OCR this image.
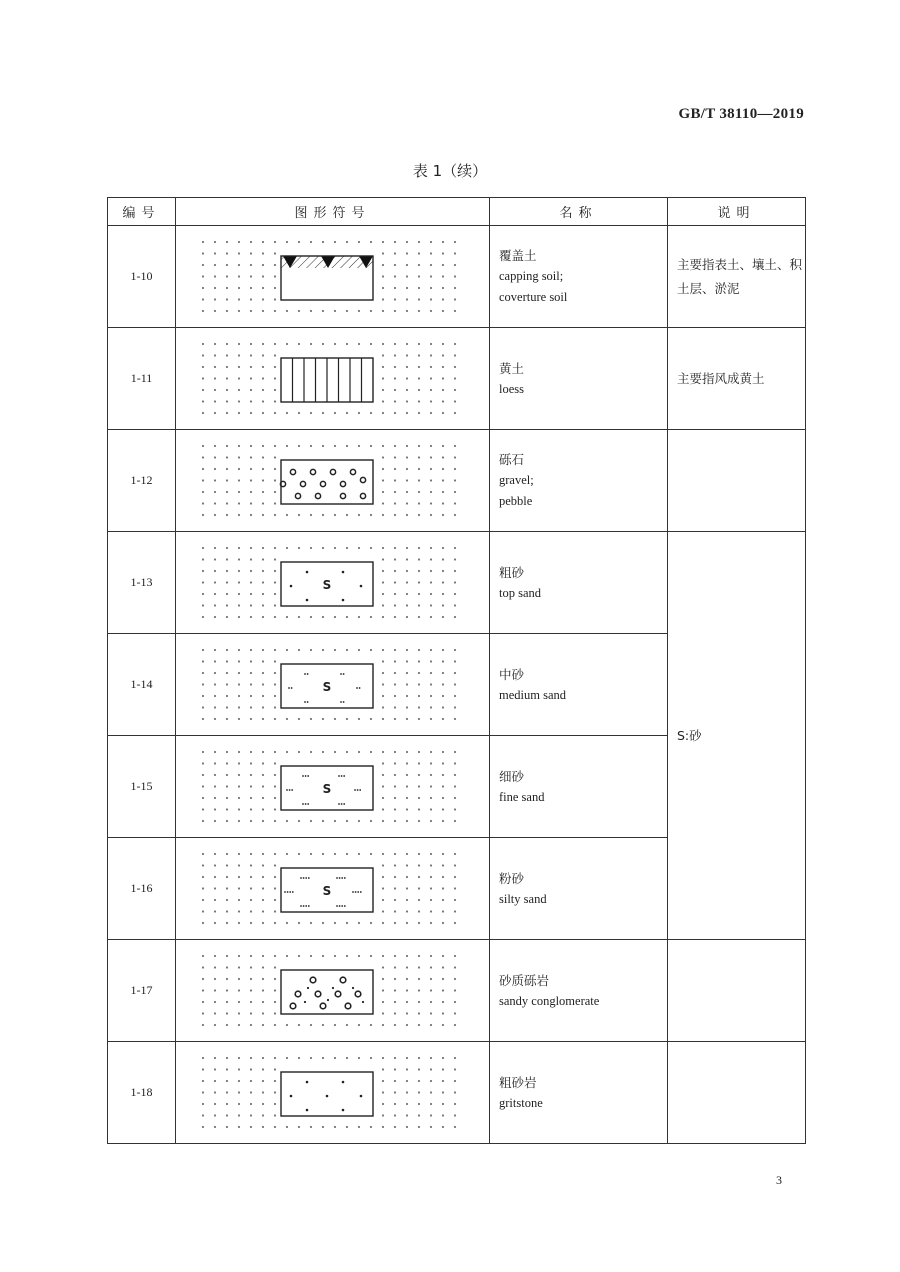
GB/T 38110—2019
表 1（续）
编号	图形符号	名称	说明
1-10		覆盖土
capping soil;
coverture soil	主要指表土、壤土、积土层、淤泥
1-11		黄土
loess	主要指风成黄土
1-12		砾石
gravel;
pebble	

1-13	S	粗砂
top sand	S:砂
1-14	S	中砂
medium sand	

1-15	S	细砂
fine sand	

1-16	S	粉砂
silty sand	

1-17		砂质砾岩
sandy conglomerate	

1-18		粗砂岩
gritstone	

3
